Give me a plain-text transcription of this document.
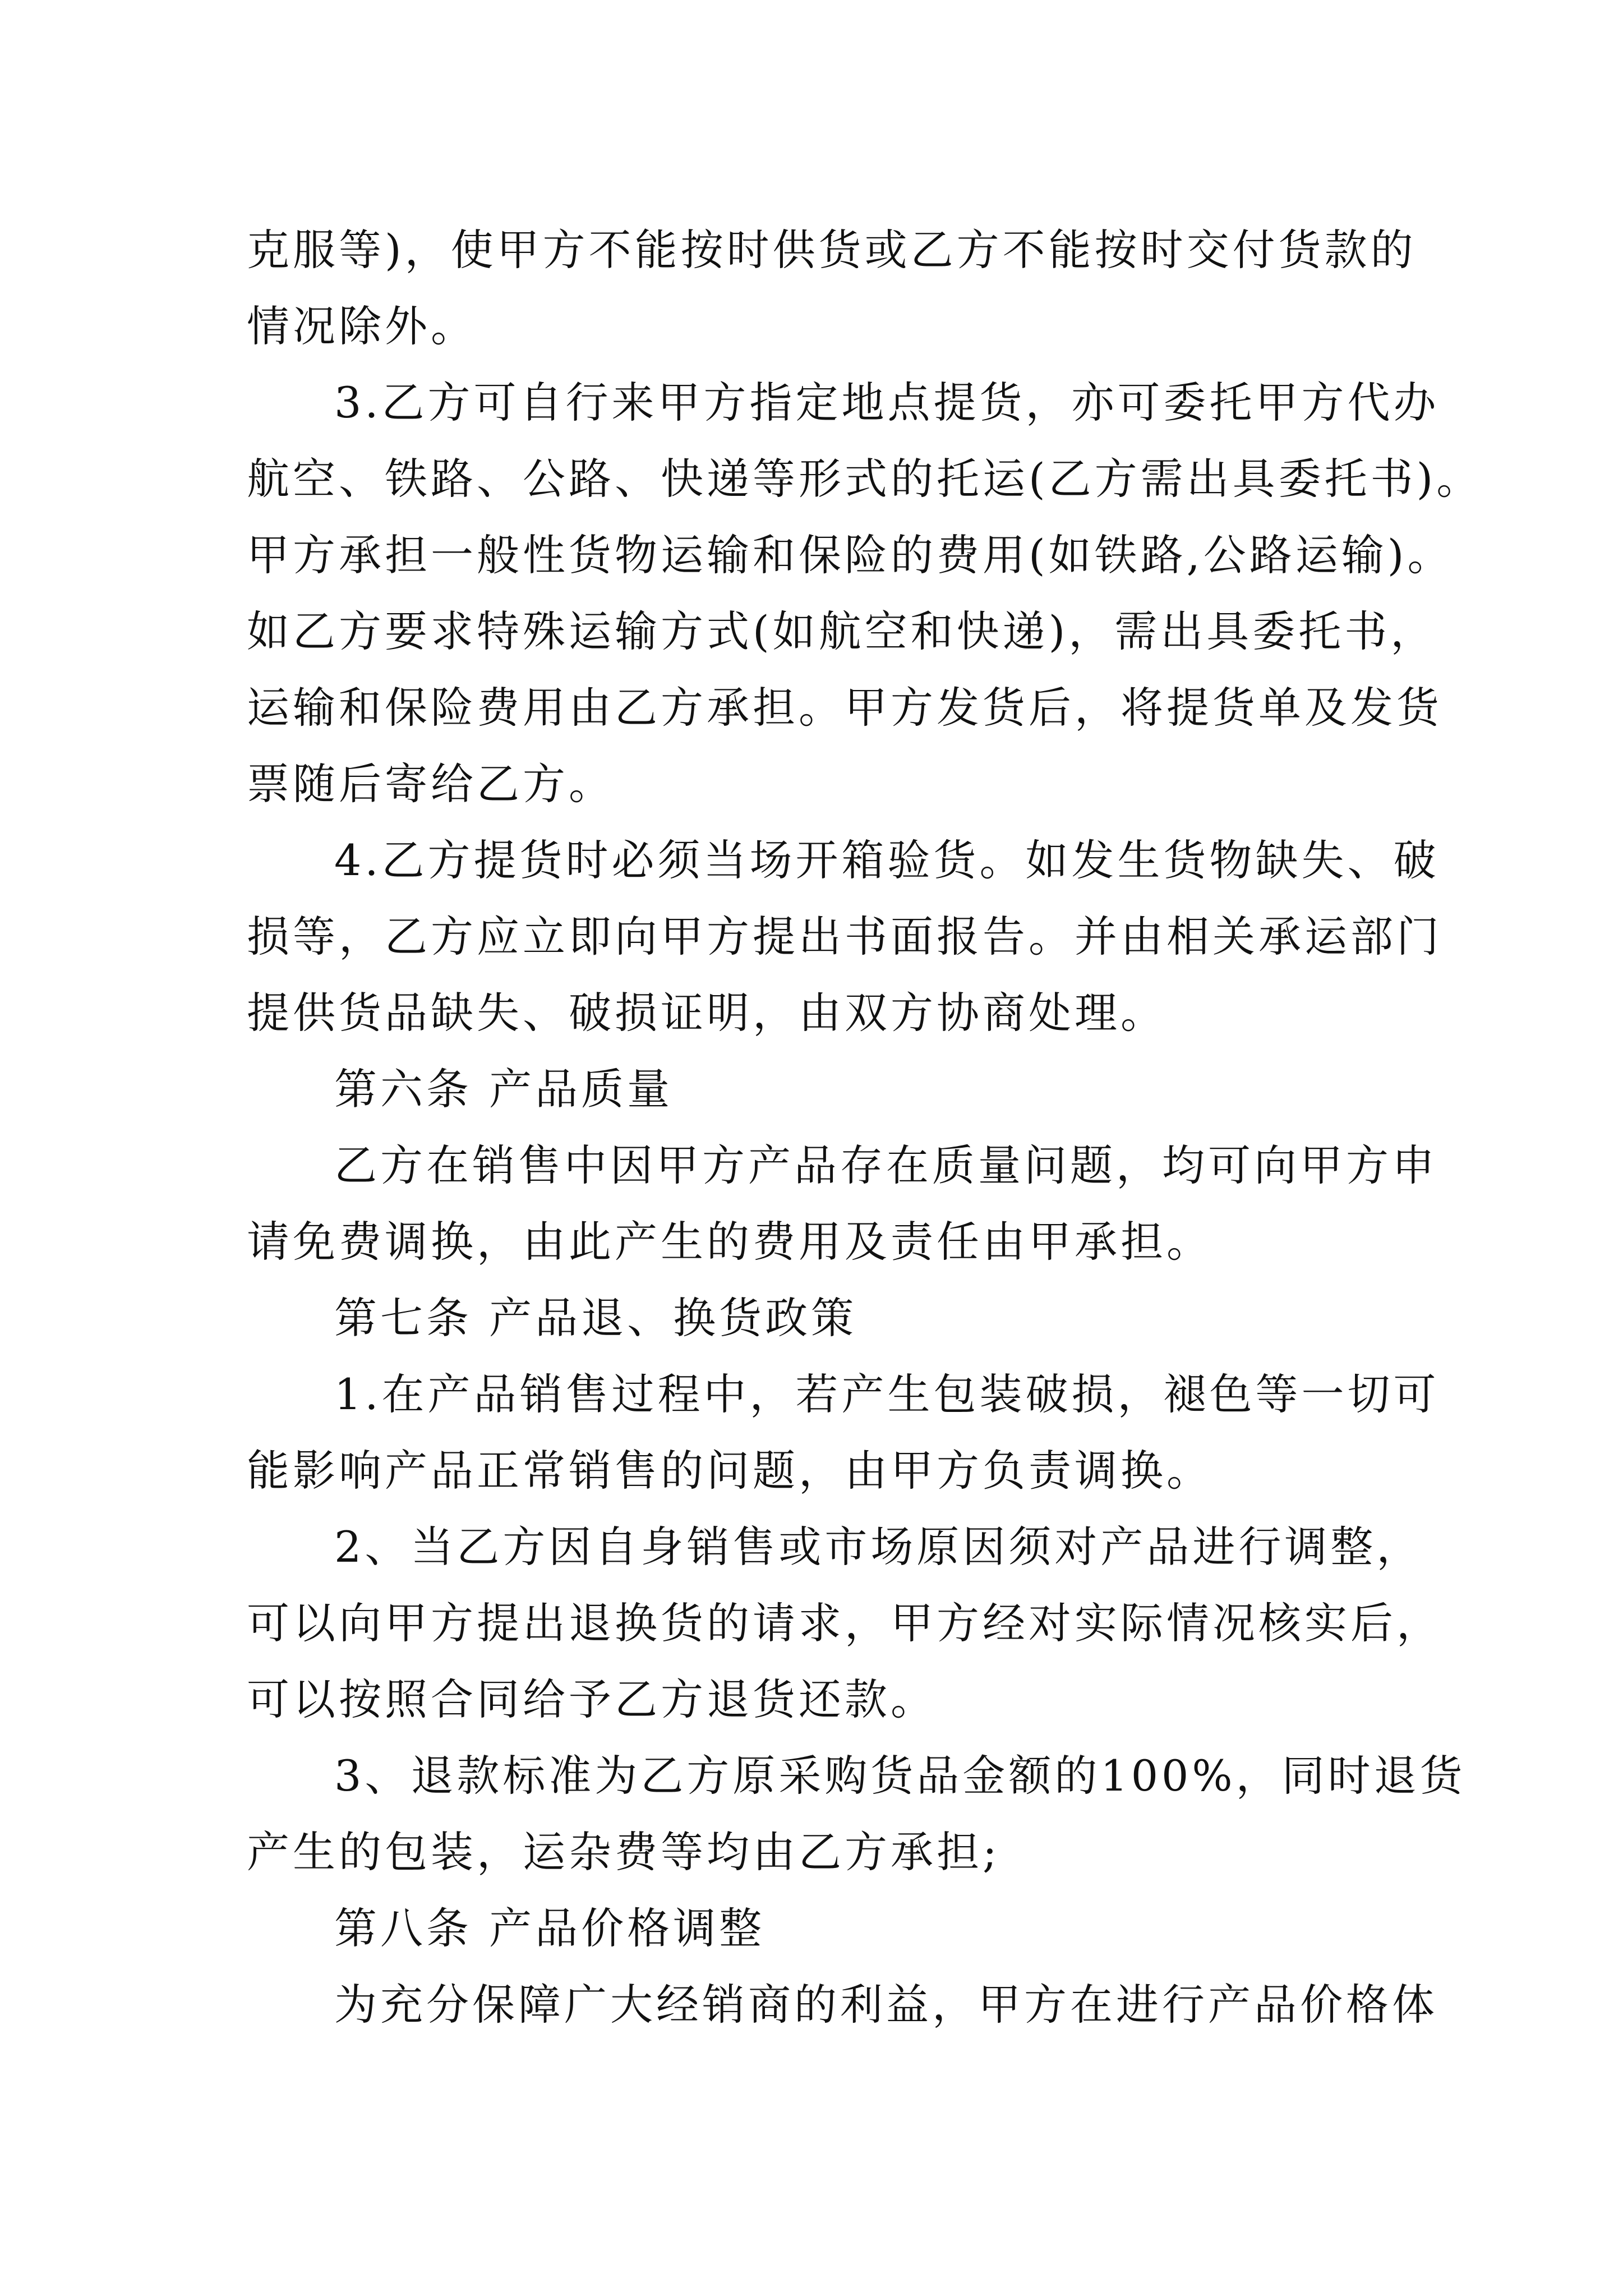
克服等)，使甲方不能按时供货或乙方不能按时交付货款的
情况除外。
3.乙方可自行来甲方指定地点提货，亦可委托甲方代办
航空、铁路、公路、快递等形式的托运(乙方需出具委托书)。
甲方承担一般性货物运输和保险的费用(如铁路,公路运输)。
如乙方要求特殊运输方式(如航空和快递)，需出具委托书，
运输和保险费用由乙方承担。甲方发货后，将提货单及发货
票随后寄给乙方。
4.乙方提货时必须当场开箱验货。如发生货物缺失、破
损等，乙方应立即向甲方提出书面报告。并由相关承运部门
提供货品缺失、破损证明，由双方协商处理。
第六条 产品质量
乙方在销售中因甲方产品存在质量问题，均可向甲方申
请免费调换，由此产生的费用及责任由甲承担。
第七条 产品退、换货政策
1.在产品销售过程中，若产生包装破损，褪色等一切可
能影响产品正常销售的问题，由甲方负责调换。
2、当乙方因自身销售或市场原因须对产品进行调整，
可以向甲方提出退换货的请求，甲方经对实际情况核实后，
可以按照合同给予乙方退货还款。
3、退款标准为乙方原采购货品金额的100%，同时退货
产生的包装，运杂费等均由乙方承担;
第八条 产品价格调整
为充分保障广大经销商的利益，甲方在进行产品价格体
